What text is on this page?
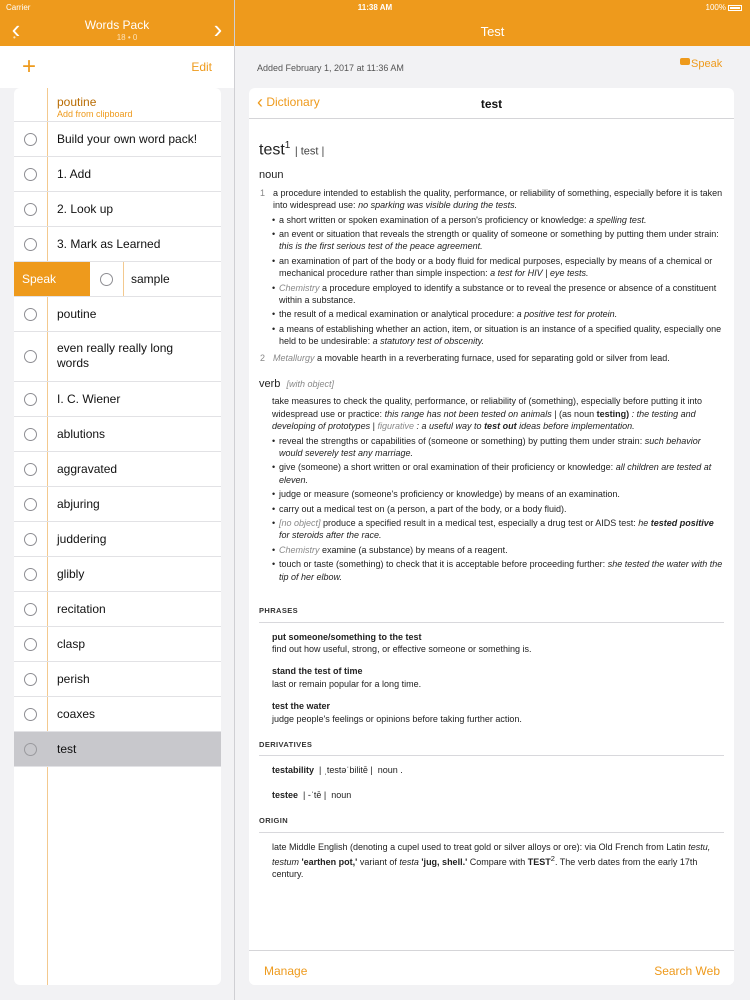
Carrier	11:38 AM	100%
‹	Words Pack
• 18 • 0	›	Test
+	Edit
poutine
Add from clipboard
Build your own word pack!
1. Add
2. Look up
3. Mark as Learned
Speak	sample
poutine
even really really long words
I. C. Wiener
ablutions
aggravated
abjuring
juddering
glibly
recitation
clasp
perish
coaxes
test
Added February 1, 2017 at 11:36 AM	Speak
‹ Dictionary	test
test$^1$ | test |
noun
1 a procedure intended to establish the quality, performance, or reliability of something, especially before it is taken into widespread use: no sparking was visible during the tests.
• a short written or spoken examination of a person's proficiency or knowledge: a spelling test.
• an event or situation that reveals the strength or quality of someone or something by putting them under strain: this is the first serious test of the peace agreement.
• an examination of part of the body or a body fluid for medical purposes, especially by means of a chemical or mechanical procedure rather than simple inspection: a test for HIV | eye tests.
• Chemistry a procedure employed to identify a substance or to reveal the presence or absence of a constituent within a substance.
• the result of a medical examination or analytical procedure: a positive test for protein.
• a means of establishing whether an action, item, or situation is an instance of a specified quality, especially one held to be undesirable: a statutory test of obscenity.
2 Metallurgy a movable hearth in a reverberating furnace, used for separating gold or silver from lead.
verb [with object]
take measures to check the quality, performance, or reliability of (something), especially before putting it into widespread use or practice: this range has not been tested on animals | (as noun testing) : the testing and developing of prototypes | figurative : a useful way to test out ideas before implementation.
• reveal the strengths or capabilities of (someone or something) by putting them under strain: such behavior would severely test any marriage.
• give (someone) a short written or oral examination of their proficiency or knowledge: all children are tested at eleven.
• judge or measure (someone's proficiency or knowledge) by means of an examination.
• carry out a medical test on (a person, a part of the body, or a body fluid).
• [no object] produce a specified result in a medical test, especially a drug test or AIDS test: he tested positive for steroids after the race.
• Chemistry examine (a substance) by means of a reagent.
• touch or taste (something) to check that it is acceptable before proceeding further: she tested the water with the tip of her elbow.
PHRASES
put someone/something to the test
find out how useful, strong, or effective someone or something is.
stand the test of time
last or remain popular for a long time.
test the water
judge people's feelings or opinions before taking further action.
DERIVATIVES
testability | ˌtestəˈbilitē | noun .
testee | -ˈtē | noun
ORIGIN
late Middle English (denoting a cupel used to treat gold or silver alloys or ore): via Old French from Latin testu, testum 'earthen pot,' variant of testa 'jug, shell.' Compare with TEST$^2$. The verb dates from the early 17th century.
Manage	Search Web
